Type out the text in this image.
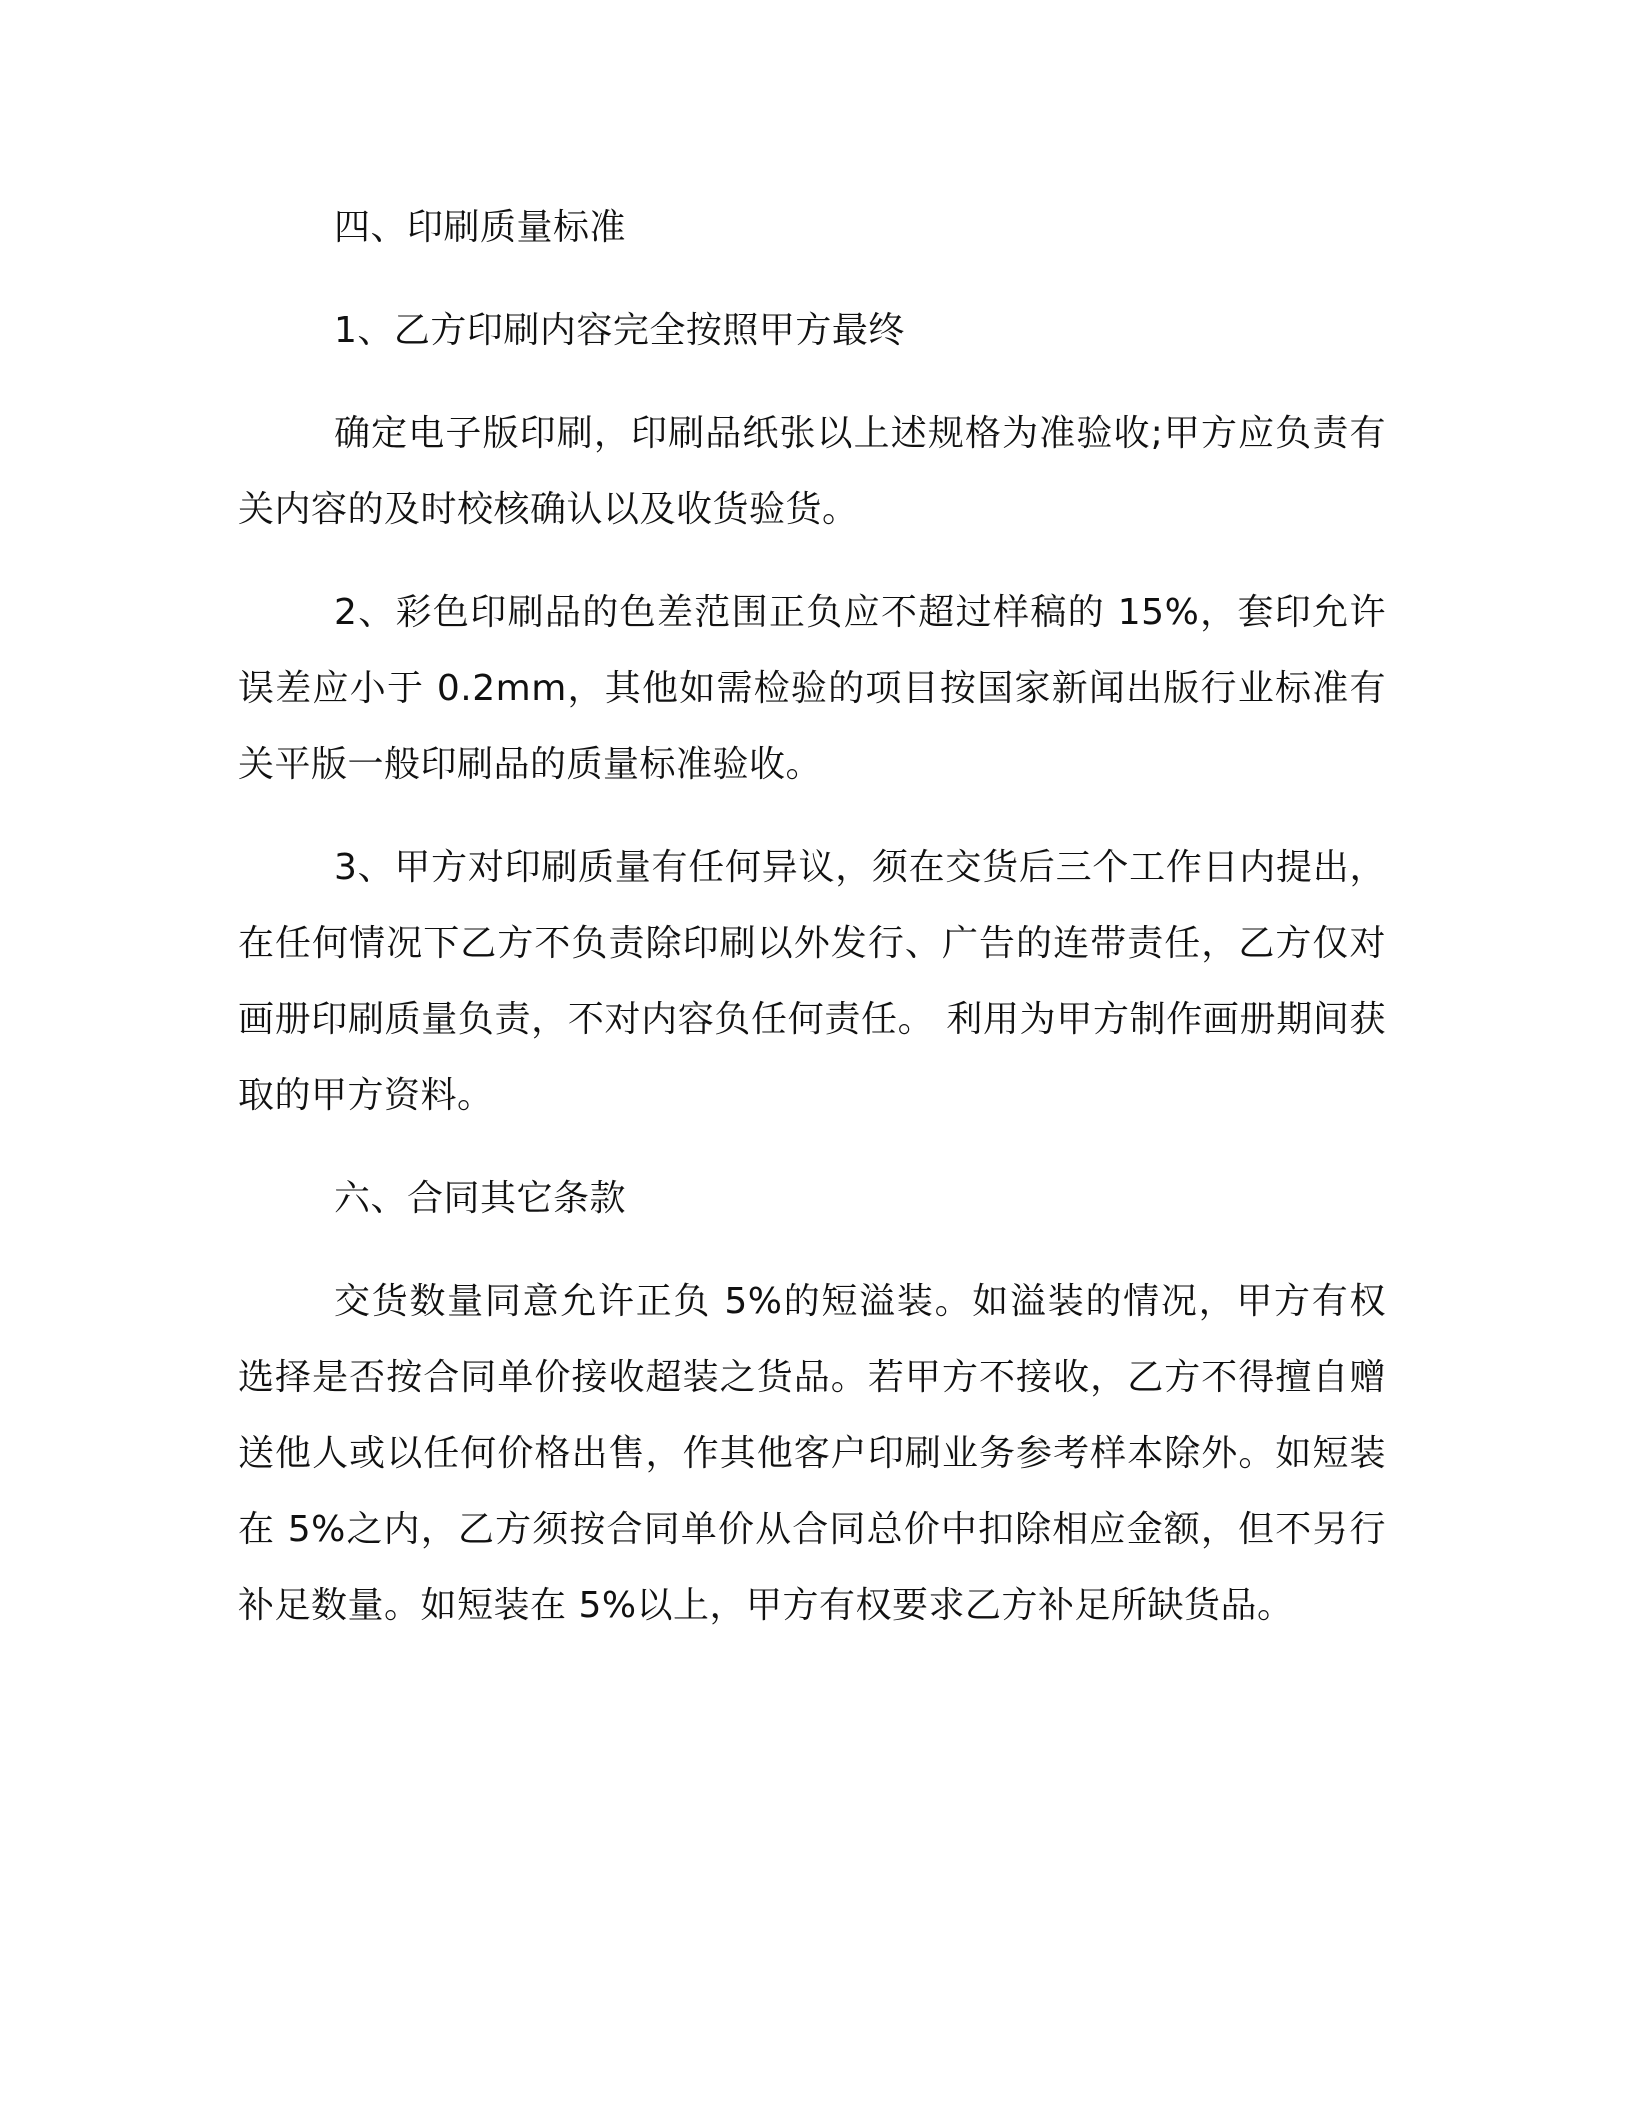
四、印刷质量标准

1、乙方印刷内容完全按照甲方最终

确定电子版印刷，印刷品纸张以上述规格为准验收;甲方应负责有关内容的及时校核确认以及收货验货。

2、彩色印刷品的色差范围正负应不超过样稿的 15%，套印允许误差应小于 0.2mm，其他如需检验的项目按国家新闻出版行业标准有关平版一般印刷品的质量标准验收。

3、甲方对印刷质量有任何异议，须在交货后三个工作日内提出，在任何情况下乙方不负责除印刷以外发行、广告的连带责任，乙方仅对画册印刷质量负责，不对内容负任何责任。 利用为甲方制作画册期间获取的甲方资料。

六、合同其它条款

交货数量同意允许正负 5%的短溢装。如溢装的情况，甲方有权选择是否按合同单价接收超装之货品。若甲方不接收，乙方不得擅自赠送他人或以任何价格出售，作其他客户印刷业务参考样本除外。如短装在 5%之内，乙方须按合同单价从合同总价中扣除相应金额，但不另行补足数量。如短装在 5%以上，甲方有权要求乙方补足所缺货品。
